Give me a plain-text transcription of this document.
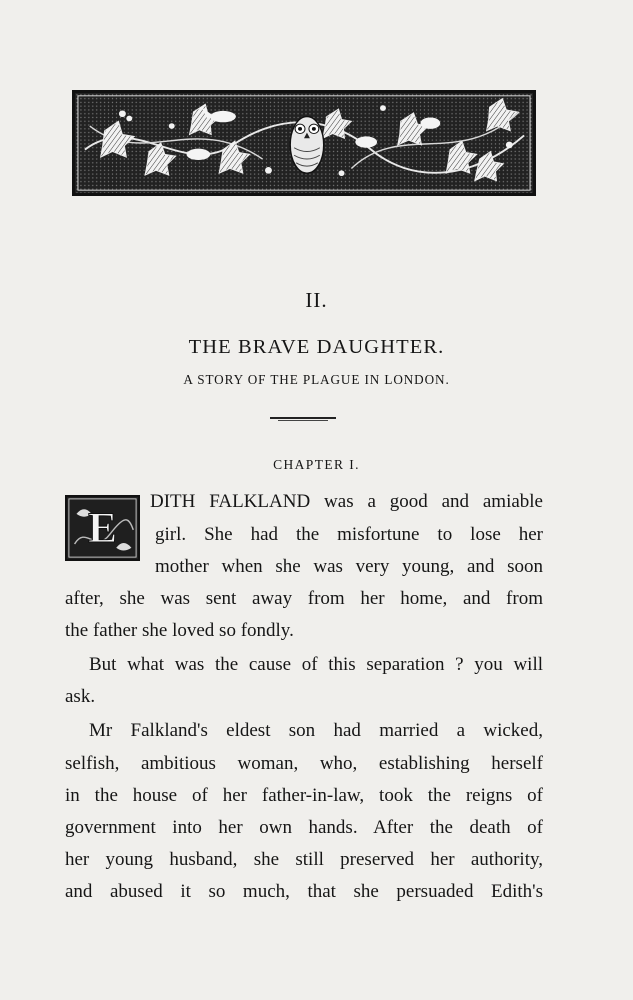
II.
THE BRAVE DAUGHTER.
A STORY OF THE PLAGUE IN LONDON.
CHAPTER I.
E
DITH FALKLAND was a good and amiable
girl. She had the misfortune to lose her
mother when she was very young, and soon
after, she was sent away from her home, and from
the father she loved so fondly.
But what was the cause of this separation ? you will
ask.
Mr Falkland's eldest son had married a wicked,
selfish, ambitious woman, who, establishing herself
in the house of her father-in-law, took the reigns of
government into her own hands. After the death of
her young husband, she still preserved her authority,
and abused it so much, that she persuaded Edith's
